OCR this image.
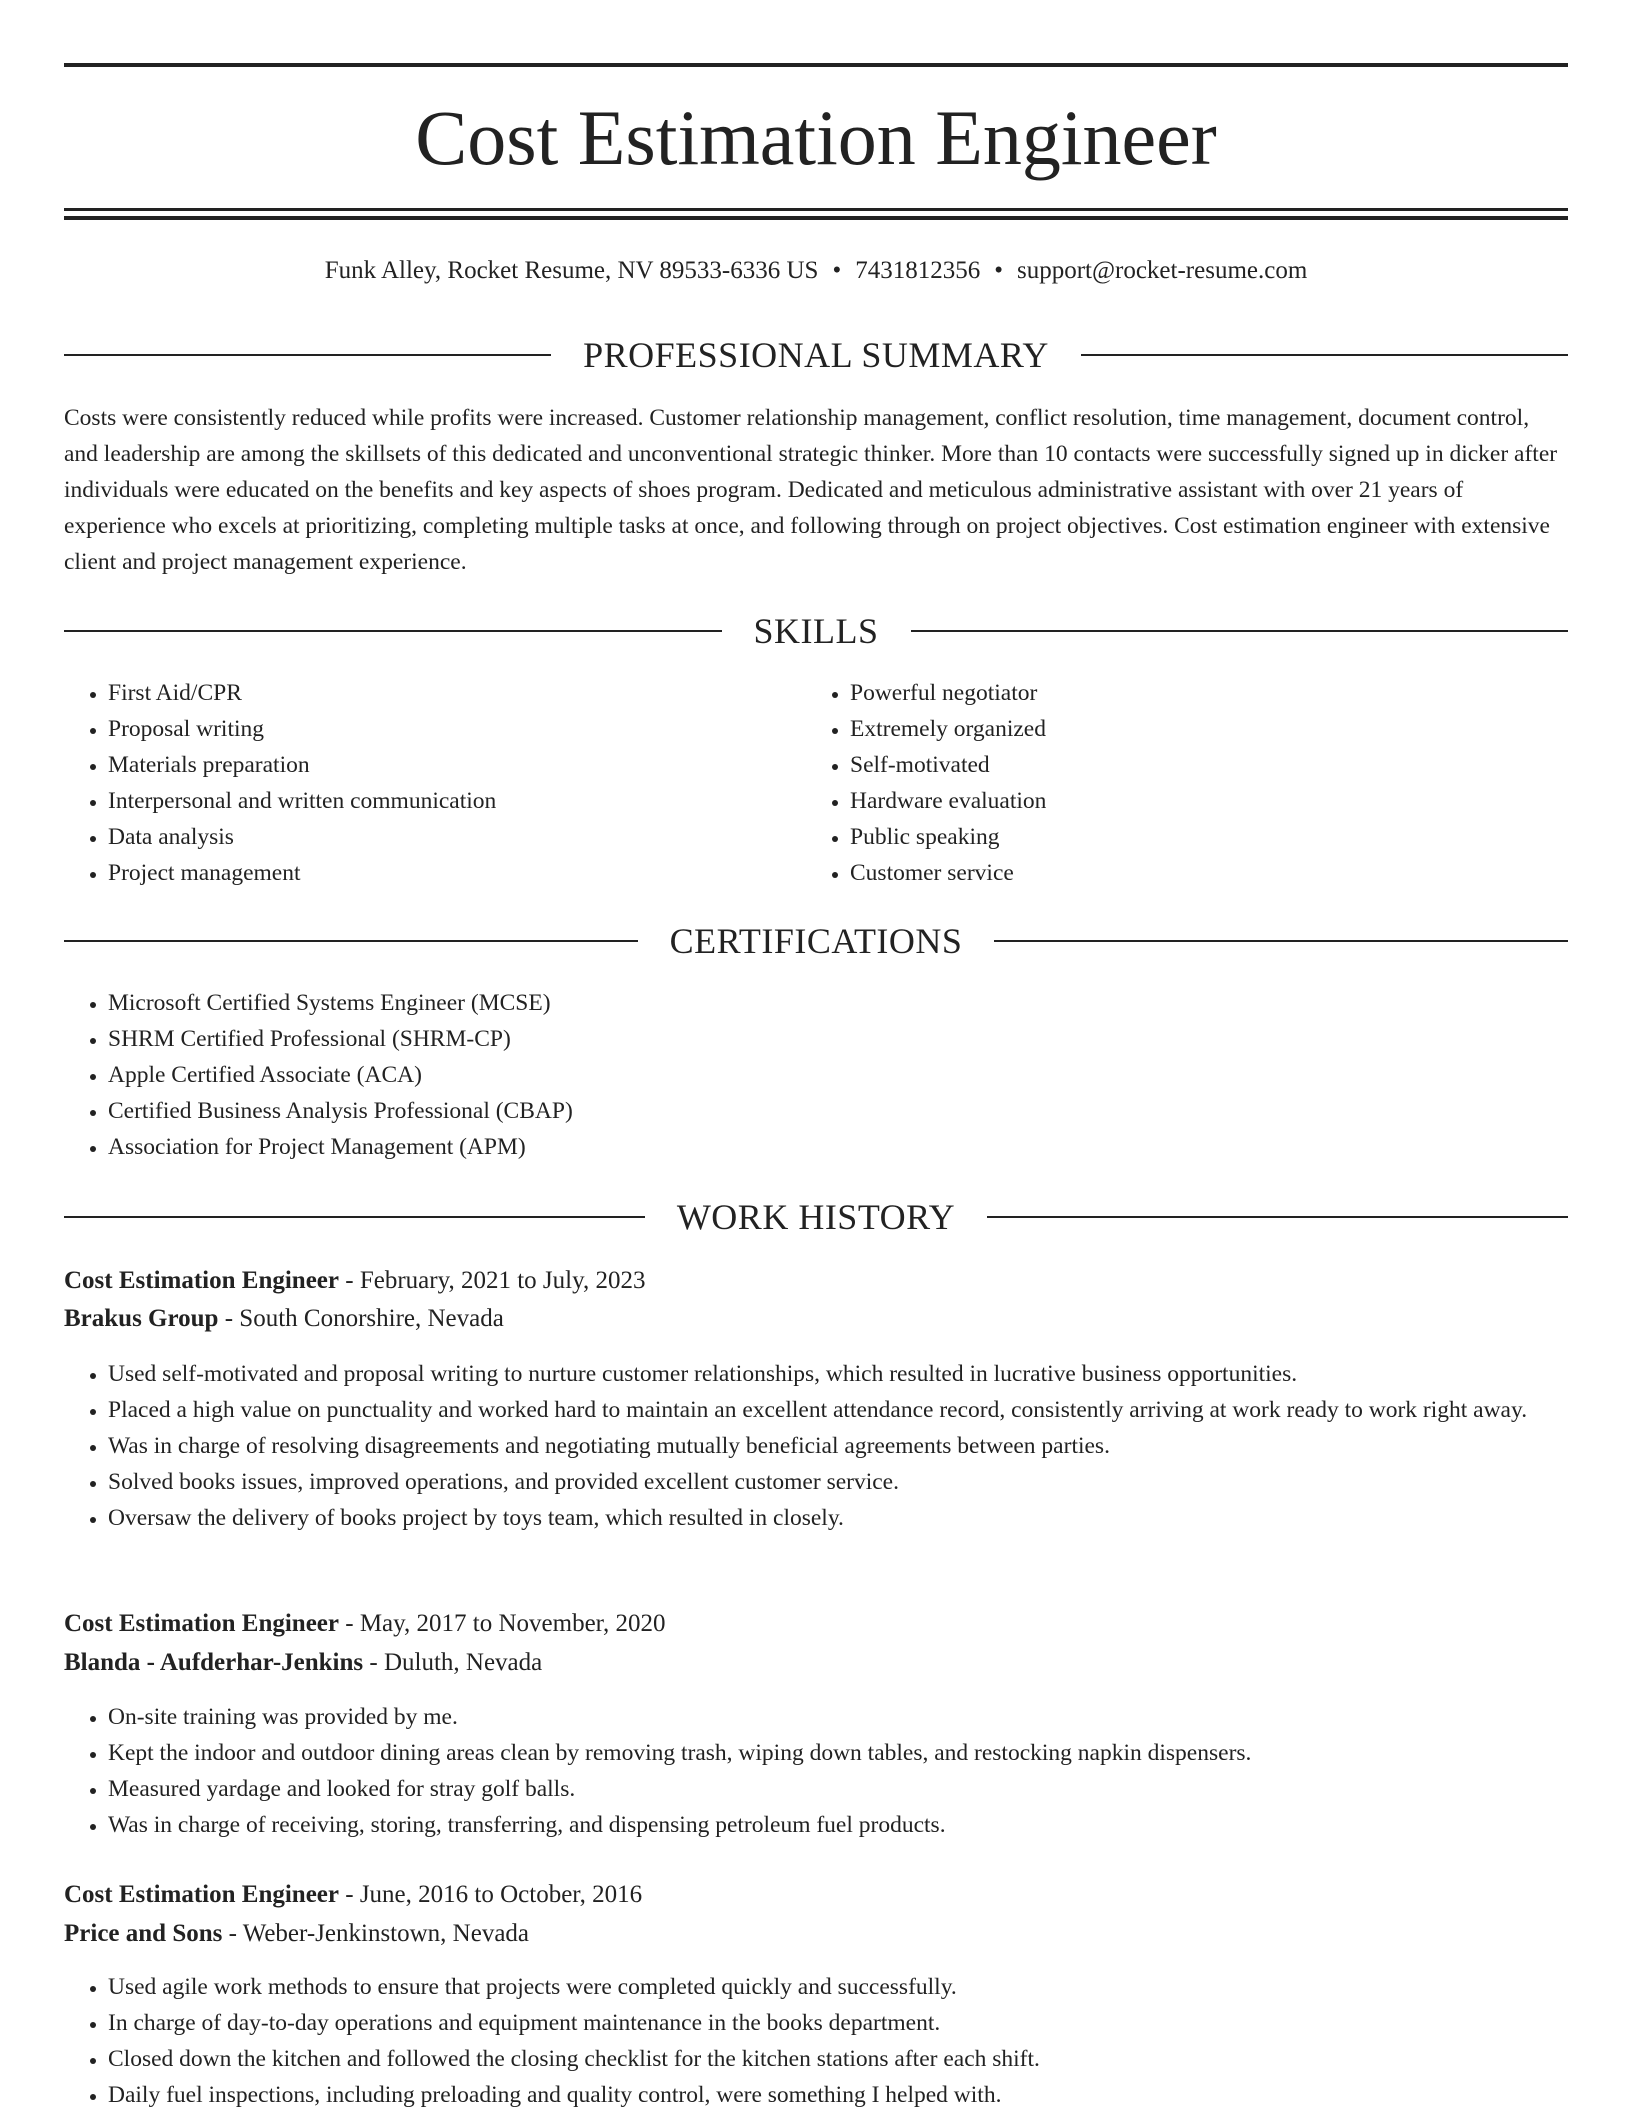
Cost Estimation Engineer
Funk Alley, Rocket Resume, NV 89533-6336 US • 7431812356 • support@rocket-resume.com
PROFESSIONAL SUMMARY

Costs were consistently reduced while profits were increased. Customer relationship management, conflict resolution, time management, document control, and leadership are among the skillsets of this dedicated and unconventional strategic thinker. More than 10 contacts were successfully signed up in dicker after individuals were educated on the benefits and key aspects of shoes program. Dedicated and meticulous administrative assistant with over 21 years of experience who excels at prioritizing, completing multiple tasks at once, and following through on project objectives. Cost estimation engineer with extensive client and project management experience.

SKILLS
• First Aid/CPR
• Proposal writing
• Materials preparation
• Interpersonal and written communication
• Data analysis
• Project management
• Powerful negotiator
• Extremely organized
• Self-motivated
• Hardware evaluation
• Public speaking
• Customer service
CERTIFICATIONS
• Microsoft Certified Systems Engineer (MCSE)
• SHRM Certified Professional (SHRM-CP)
• Apple Certified Associate (ACA)
• Certified Business Analysis Professional (CBAP)
• Association for Project Management (APM)
WORK HISTORY
Cost Estimation Engineer - February, 2021 to July, 2023
Brakus Group - South Conorshire, Nevada
• Used self-motivated and proposal writing to nurture customer relationships, which resulted in lucrative business opportunities.
• Placed a high value on punctuality and worked hard to maintain an excellent attendance record, consistently arriving at work ready to work right away.
• Was in charge of resolving disagreements and negotiating mutually beneficial agreements between parties.
• Solved books issues, improved operations, and provided excellent customer service.
• Oversaw the delivery of books project by toys team, which resulted in closely.
Cost Estimation Engineer - May, 2017 to November, 2020
Blanda - Aufderhar-Jenkins - Duluth, Nevada
• On-site training was provided by me.
• Kept the indoor and outdoor dining areas clean by removing trash, wiping down tables, and restocking napkin dispensers.
• Measured yardage and looked for stray golf balls.
• Was in charge of receiving, storing, transferring, and dispensing petroleum fuel products.
Cost Estimation Engineer - June, 2016 to October, 2016
Price and Sons - Weber-Jenkinstown, Nevada
• Used agile work methods to ensure that projects were completed quickly and successfully.
• In charge of day-to-day operations and equipment maintenance in the books department.
• Closed down the kitchen and followed the closing checklist for the kitchen stations after each shift.
• Daily fuel inspections, including preloading and quality control, were something I helped with.
